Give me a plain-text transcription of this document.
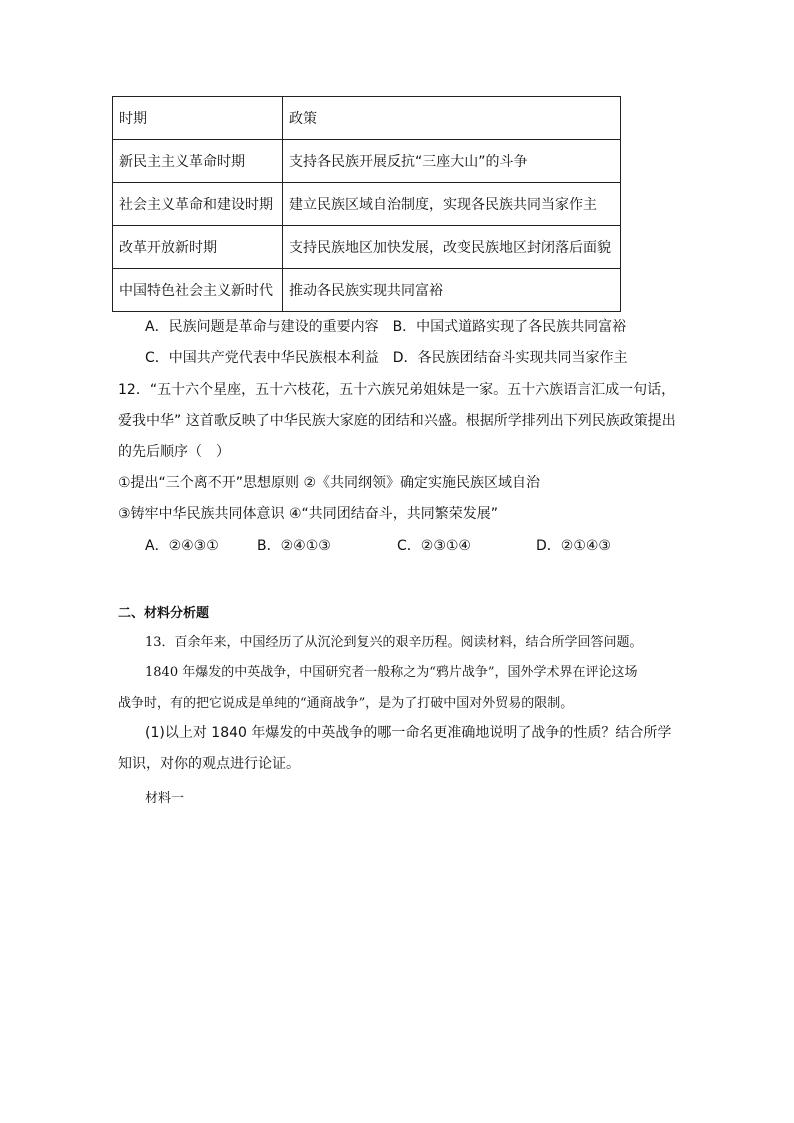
时期	政策
新民主主义革命时期	支持各民族开展反抗“三座大山”的斗争
社会主义革命和建设时期	建立民族区域自治制度，实现各民族共同当家作主
改革开放新时期	支持民族地区加快发展，改变民族地区封闭落后面貌
中国特色社会主义新时代	推动各民族实现共同富裕
A．民族问题是革命与建设的重要内容　B．中国式道路实现了各民族共同富裕
C．中国共产党代表中华民族根本利益　D．各民族团结奋斗实现共同当家作主
12．“五十六个星座，五十六枝花，五十六族兄弟姐妹是一家。五十六族语言汇成一句话，
爱我中华” 这首歌反映了中华民族大家庭的团结和兴盛。根据所学排列出下列民族政策提出
的先后顺序（　）
①提出“三个离不开”思想原则 ②《共同纲领》确定实施民族区域自治
③铸牢中华民族共同体意识 ④“共同团结奋斗，共同繁荣发展”
A．②④③①	B．②④①③	C．②③①④	D．②①④③
二、材料分析题
13．百余年来，中国经历了从沉沦到复兴的艰辛历程。阅读材料，结合所学回答问题。
1840 年爆发的中英战争，中国研究者一般称之为“鸦片战争”，国外学术界在评论这场
战争时，有的把它说成是单纯的“通商战争”，是为了打破中国对外贸易的限制。
(1)以上对 1840 年爆发的中英战争的哪一命名更准确地说明了战争的性质？结合所学
知识，对你的观点进行论证。
材料一
